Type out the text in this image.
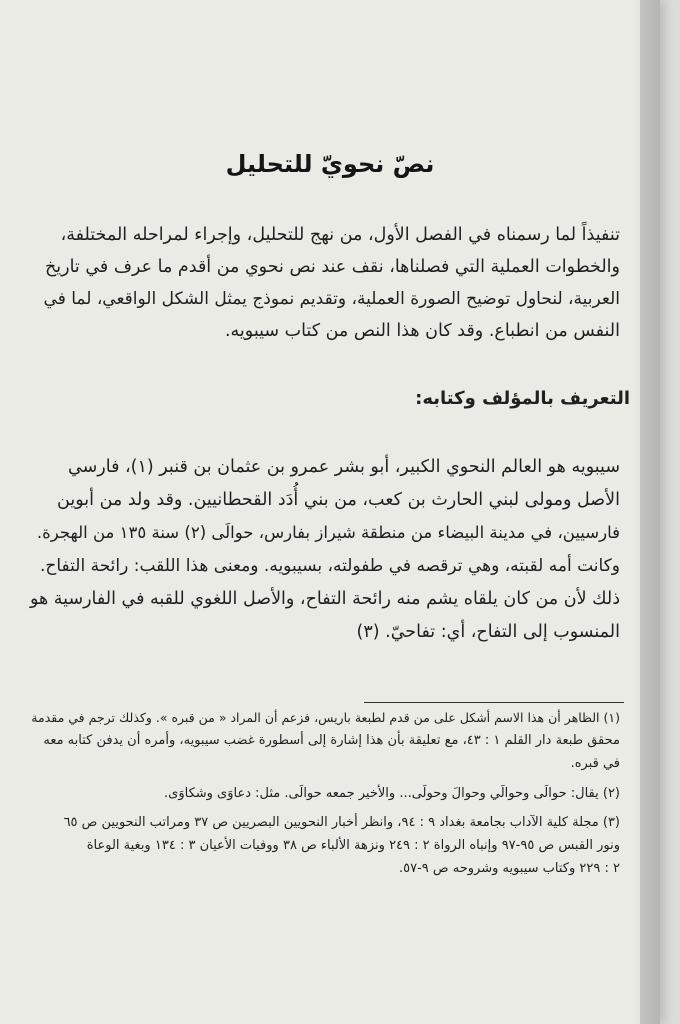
نصّ نحويّ للتحليل

تنفيذاً لما رسمناه في الفصل الأول، من نهج للتحليل، وإجراء لمراحله المختلفة،

والخطوات العملية التي فصلناها، نقف عند نص نحوي من أقدم ما عرف في تاريخ

العربية، لنحاول توضيح الصورة العملية، وتقديم نموذج يمثل الشكل الواقعي، لما في

النفس من انطباع. وقد كان هذا النص من كتاب سيبويه.

التعريف بالمؤلف وكتابه:

سيبويه هو العالم النحوي الكبير، أبو بشر عمرو بن عثمان بن قنبر (١)، فارسي

الأصل ومولى لبني الحارث بن كعب، من بني أُدَد القحطانيين. وقد ولد من أبوين

فارسيين، في مدينة البيضاء من منطقة شيراز بفارس، حوالَى (٢) سنة ١٣٥ من الهجرة.

وكانت أمه لقبته، وهي ترقصه في طفولته، بسيبويه. ومعنى هذا اللقب: رائحة التفاح.

ذلك لأن من كان يلقاه يشم منه رائحة التفاح، والأصل اللغوي للقبه في الفارسية هو

المنسوب إلى التفاح، أي: تفاحيّ. (٣)

(١) الظاهر أن هذا الاسم أشكل على من قدم لطبعة باريس، فزعم أن المراد « من قبره ». وكذلك ترجم في مقدمة

محقق طبعة دار القلم ١ : ٤٣، مع تعليقة بأن هذا إشارة إلى أسطورة غضب سيبويه، وأمره أن يدفن كتابه معه

في قبره.

(٢) يقال: حوالَى وحوالَي وحوالَ وحولَى... والأخير جمعه حوالَى. مثل: دعاوَى وشكاوَى.

(٣) مجلة كلية الآداب بجامعة بغداد ٩ : ٩٤، وانظر أخبار النحويين البصريين ص ٣٧ ومراتب النحويين ص ٦٥

ونور القبس ص ٩٥-٩٧ وإنباه الرواة ٢ : ٢٤٩ ونزهة الألباء ص ٣٨ ووفيات الأعيان ٣ : ١٣٤ وبغية الوعاة

٢ : ٢٢٩ وكتاب سيبويه وشروحه ص ٩-٥٧.
